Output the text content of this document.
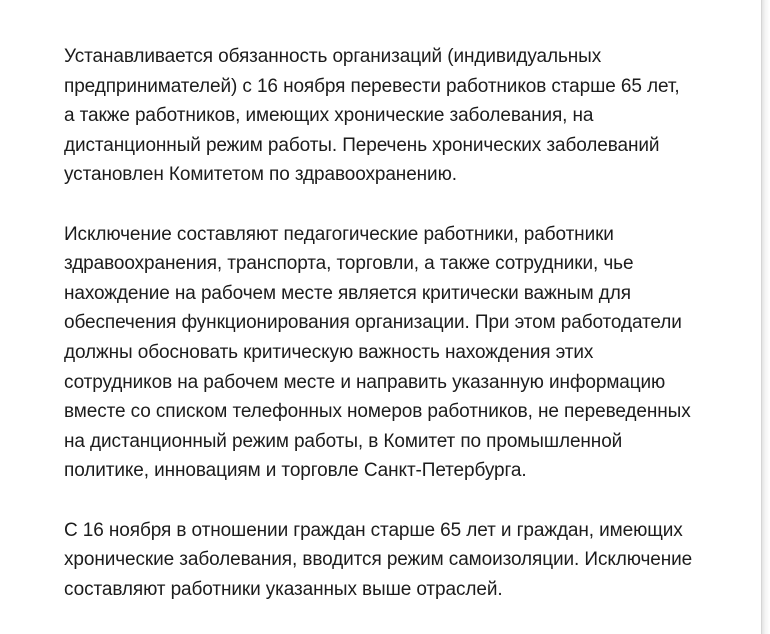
Устанавливается обязанность организаций (индивидуальных
предпринимателей) с 16 ноября перевести работников старше 65 лет,
а также работников, имеющих хронические заболевания, на
дистанционный режим работы. Перечень хронических заболеваний
установлен Комитетом по здравоохранению.

Исключение составляют педагогические работники, работники
здравоохранения, транспорта, торговли, а также сотрудники, чье
нахождение на рабочем месте является критически важным для
обеспечения функционирования организации. При этом работодатели
должны обосновать критическую важность нахождения этих
сотрудников на рабочем месте и направить указанную информацию
вместе со списком телефонных номеров работников, не переведенных
на дистанционный режим работы, в Комитет по промышленной
политике, инновациям и торговле Санкт-Петербурга.

С 16 ноября в отношении граждан старше 65 лет и граждан, имеющих
хронические заболевания, вводится режим самоизоляции. Исключение
составляют работники указанных выше отраслей.
